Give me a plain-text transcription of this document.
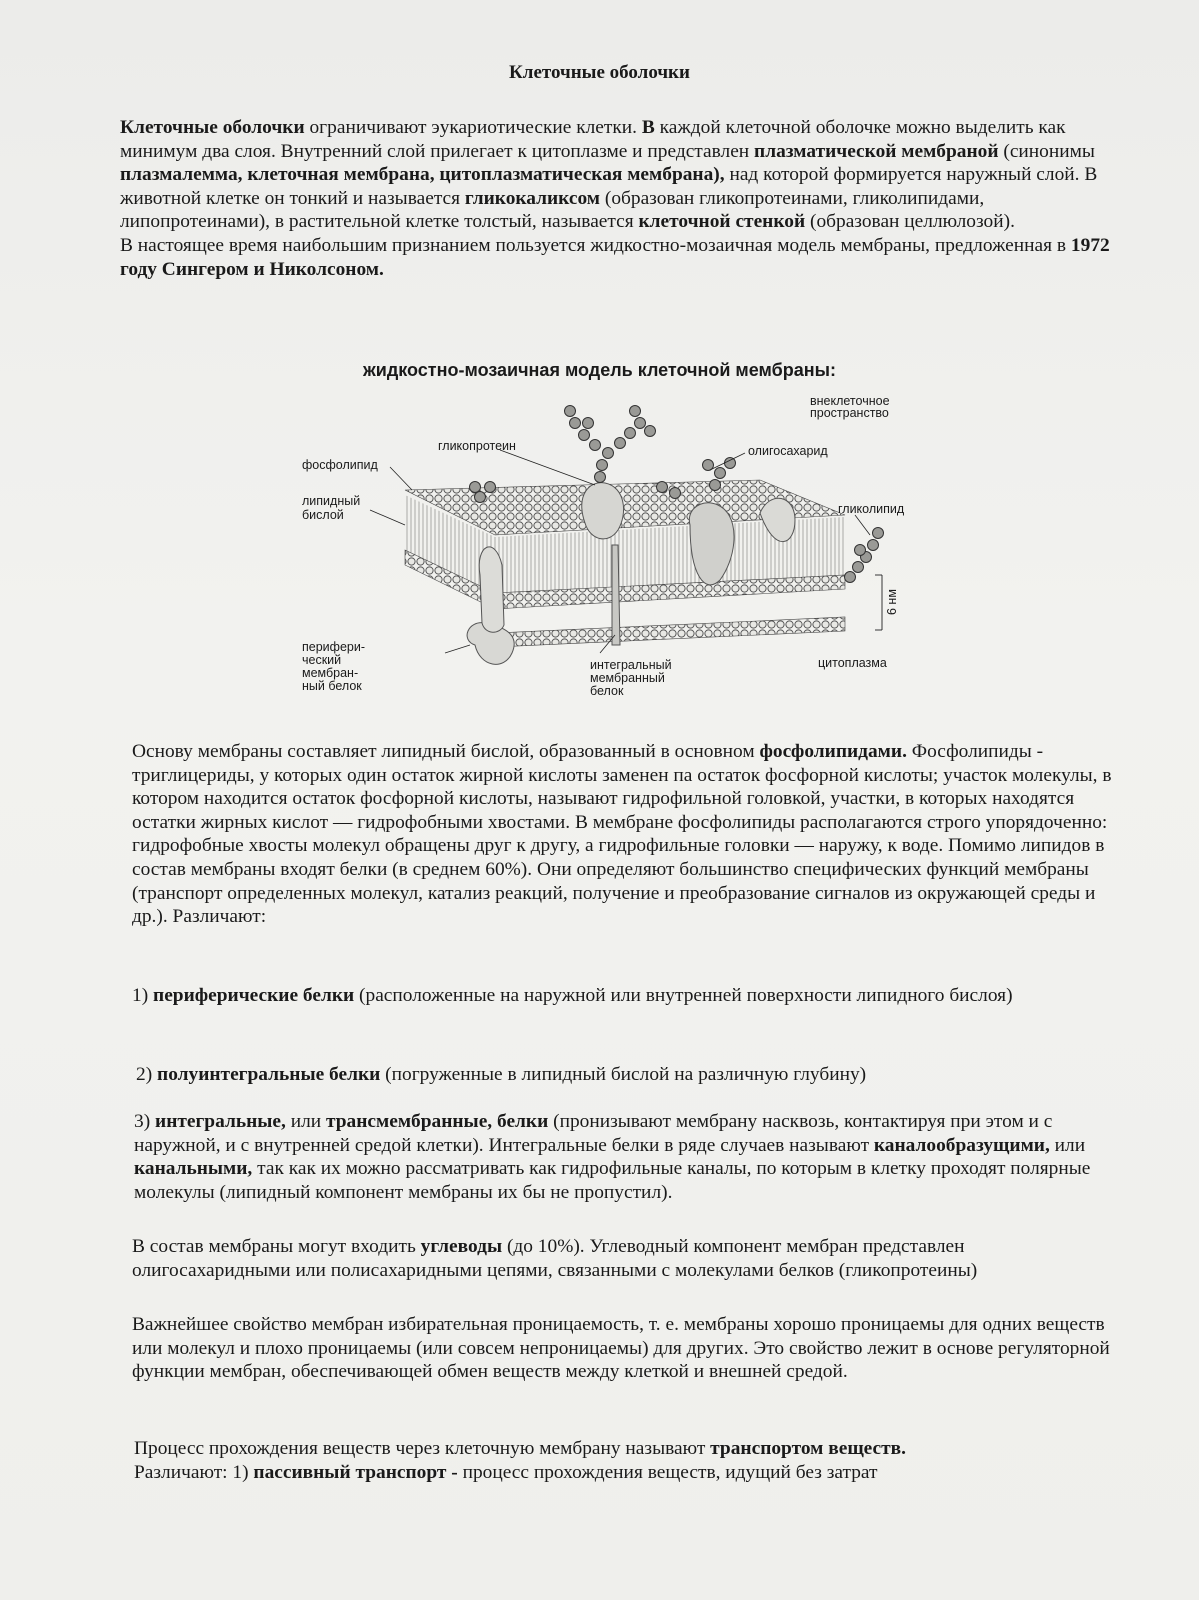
Клеточные оболочки
Клеточные оболочки ограничивают эукариотические клетки. В каждой клеточной оболочке можно выделить как минимум два слоя. Внутренний слой прилегает к цитоплазме и представлен плазматической мембраной (синонимы плазмалемма, клеточная мембрана, цитоплазматическая мембрана), над которой формируется наружный слой. В животной клетке он тонкий и называется гликокаликсом (образован гликопротеинами, гликолипидами, липопротеинами), в растительной клетке толстый, называется клеточной стенкой (образован целлюлозой).
В настоящее время наибольшим признанием пользуется жидкостно-мозаичная модель мембраны, предложенная в 1972 году Сингером и Николсоном.
жидкостно-мозаичная модель клеточной мембраны:
внеклеточное
пространство
гликопротеин	олигосахарид
фосфолипид
липидный
бислой	гликолипид
6 нм
перифери-
ческий
мембран-
ный белок
интегральный
мембранный
белок
цитоплазма
Основу мембраны составляет липидный бислой, образованный в основном фосфолипидами. Фосфолипиды - триглицериды, у которых один остаток жирной кислоты заменен па остаток фосфорной кислоты; участок молекулы, в котором находится остаток фосфорной кислоты, называют гидрофильной головкой, участки, в которых находятся остатки жирных кислот — гидрофобными хвостами. В мембране фосфолипиды располагаются строго упорядоченно: гидрофобные хвосты молекул обращены друг к другу, а гидрофильные головки — наружу, к воде. Помимо липидов в состав мембраны входят белки (в среднем 60%). Они определяют большинство специфических функций мембраны (транспорт определенных молекул, катализ реакций, получение и преобразование сигналов из окружающей среды и др.). Различают:
1) периферические белки (расположенные на наружной или внутренней поверхности липидного бислоя)
2) полуинтегральные белки (погруженные в липидный бислой на различную глубину)
3) интегральные, или трансмембранные, белки (пронизывают мембрану насквозь, контактируя при этом и с наружной, и с внутренней средой клетки). Интегральные белки в ряде случаев называют каналообразущими, или канальными, так как их можно рассматривать как гидрофильные каналы, по которым в клетку проходят полярные молекулы (липидный компонент мембраны их бы не пропустил).
В состав мембраны могут входить углеводы (до 10%). Углеводный компонент мембран представлен олигосахаридными или полисахаридными цепями, связанными с молекулами белков (гликопротеины)
Важнейшее свойство мембран избирательная проницаемость, т. е. мембраны хорошо проницаемы для одних веществ или молекул и плохо проницаемы (или совсем непроницаемы) для других. Это свойство лежит в основе регуляторной функции мембран, обеспечивающей обмен веществ между клеткой и внешней средой.
Процесс прохождения веществ через клеточную мембрану называют транспортом веществ.
Различают: 1) пассивный транспорт - процесс прохождения веществ, идущий без затрат
